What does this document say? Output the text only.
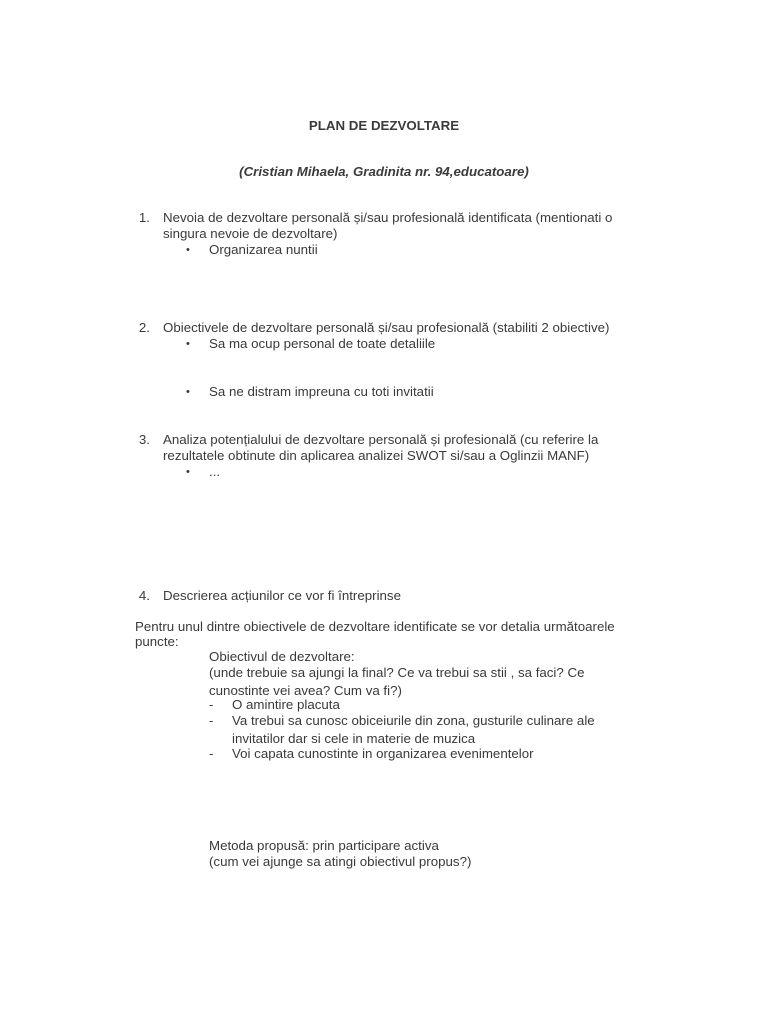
PLAN DE DEZVOLTARE
(Cristian Mihaela, Gradinita nr. 94,educatoare)
1. Nevoia de dezvoltare personală și/sau profesională identificata (mentionati o
singura nevoie de dezvoltare)
• Organizarea nuntii
2. Obiectivele de dezvoltare personală și/sau profesională (stabiliti 2 obiective)
• Sa ma ocup personal de toate detaliile
• Sa ne distram impreuna cu toti invitatii
3. Analiza potențialului de dezvoltare personală și profesională (cu referire la
rezultatele obtinute din aplicarea analizei SWOT si/sau a Oglinzii MANF)
• ...
4. Descrierea acțiunilor ce vor fi întreprinse
Pentru unul dintre obiectivele de dezvoltare identificate se vor detalia următoarele
puncte:
Obiectivul de dezvoltare:
(unde trebuie sa ajungi la final? Ce va trebui sa stii , sa faci? Ce
cunostinte vei avea? Cum va fi?)
-	O amintire placuta
-	Va trebui sa cunosc obiceiurile din zona, gusturile culinare ale
invitatilor dar si cele in materie de muzica
-	Voi capata cunostinte in organizarea evenimentelor
Metoda propusă: prin participare activa
(cum vei ajunge sa atingi obiectivul propus?)
